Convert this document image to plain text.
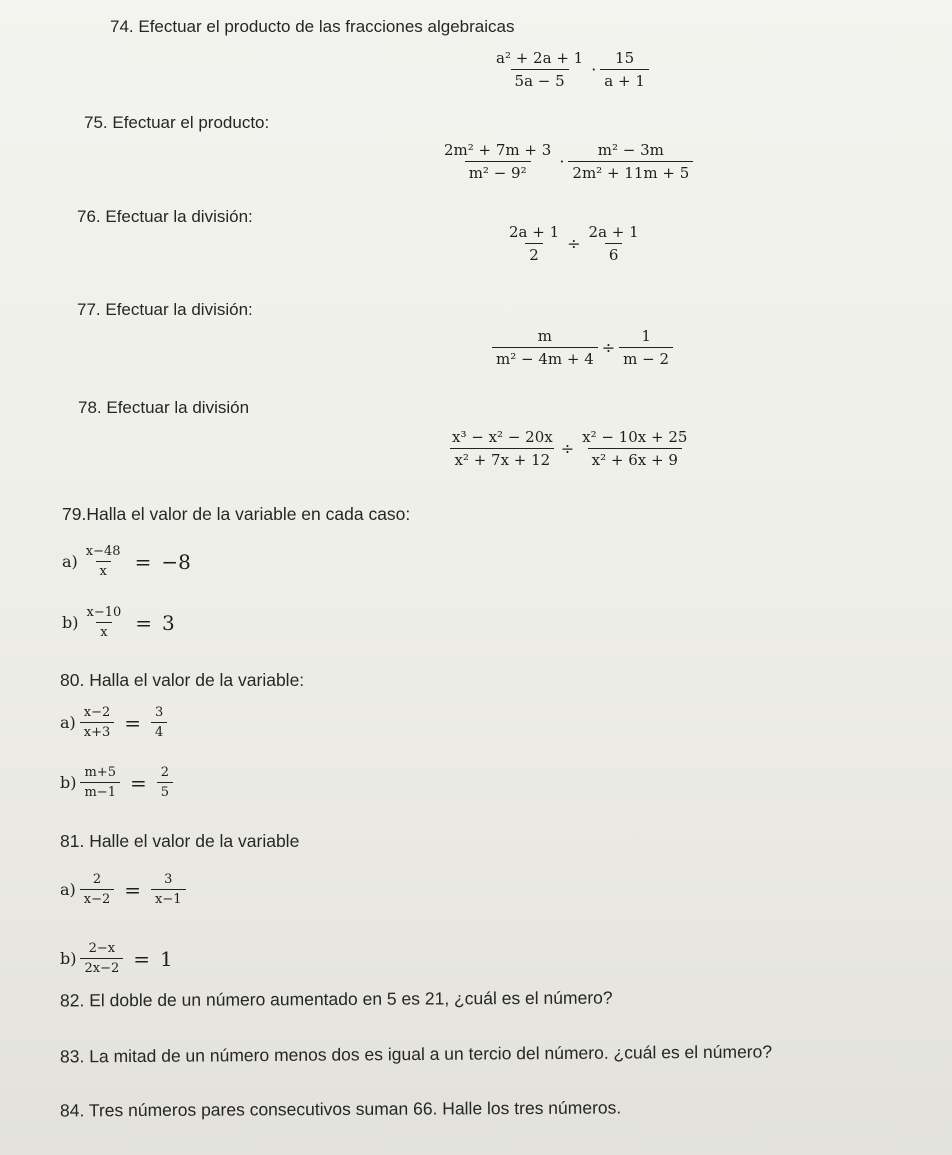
74. Efectuar el producto de las fracciones algebraicas
$\frac{\text{a² + 2a + 1}}{5a - 5} \cdot \frac{15}{a + 1}$
75. Efectuar el producto:
$\frac{\text{2m² + 7m + 3}}{\text{m² − 9²}} \cdot \frac{\text{m² − 3m}}{\text{2m² + 11m + 5}}$
76. Efectuar la división:
$\frac{2a + 1}{2} \div \frac{2a + 1}{6}$
77. Efectuar la división:
$\frac{m}{\text{m² − 4m + 4}} \div \frac{1}{m - 2}$
78. Efectuar la división
$\frac{\text{x³ − x² − 20x}}{\text{x² + 7x + 12}} \div \frac{\text{x² − 10x + 25}}{\text{x² + 6x + 9}}$
79.Halla el valor de la variable en cada caso:
$a) \frac{x-48}{x} = -8$
$b) \frac{x-10}{x} = 3$
80. Halla el valor de la variable:
$a) \frac{x-2}{x+3} = \frac{3}{4}$
$b) \frac{m+5}{m-1} = \frac{2}{5}$
81. Halle el valor de la variable
$a) \frac{2}{x-2} = \frac{3}{x-1}$
$b) \frac{2-x}{2x-2} = 1$
82. El doble de un número aumentado en 5 es 21, ¿cuál es el número?
83. La mitad de un número menos dos es igual a un tercio del número. ¿cuál es el número?
84. Tres números pares consecutivos suman 66. Halle los tres números.
